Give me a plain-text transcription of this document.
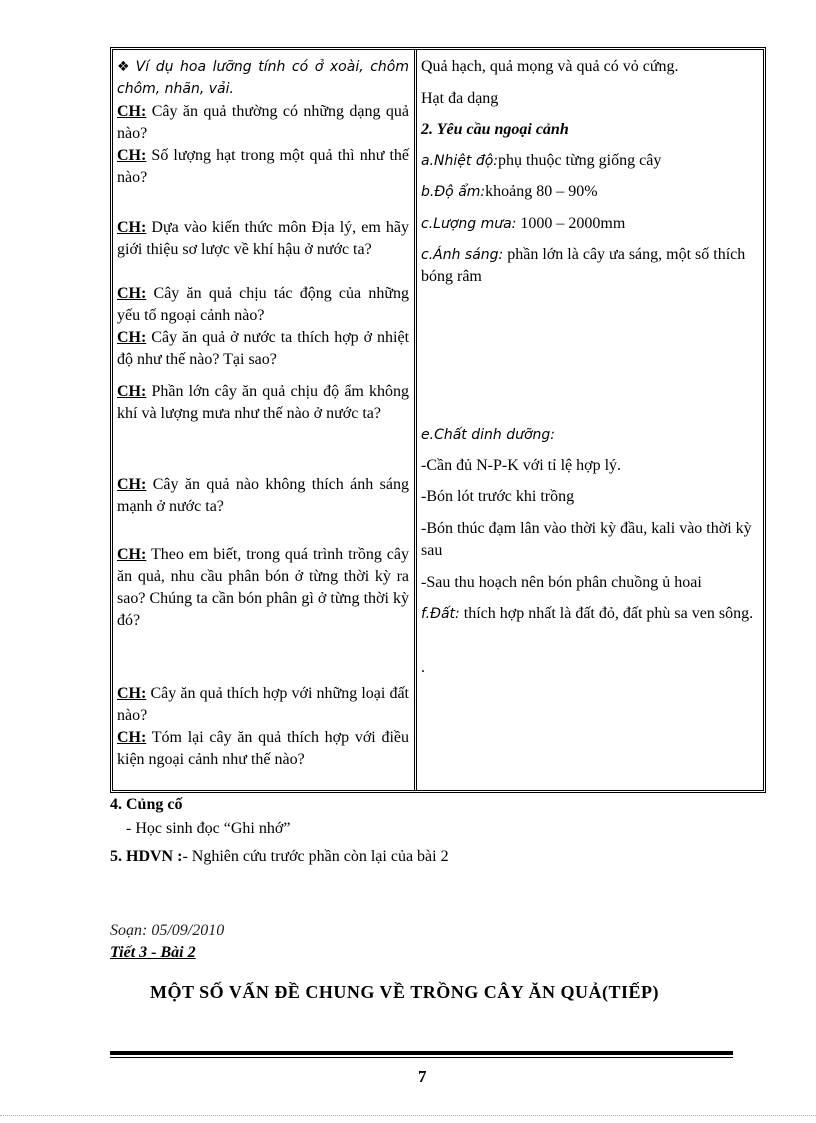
❖ Ví dụ hoa lưỡng tính có ở xoài, chôm chôm, nhãn, vải.

CH: Cây ăn quả thường có những dạng quả nào?

CH: Số lượng hạt trong một quả thì như thế nào?

CH: Dựa vào kiến thức môn Địa lý, em hãy giới thiệu sơ lược về khí hậu ở nước ta?

CH: Cây ăn quả chịu tác động của những yếu tố ngoại cảnh nào?

CH: Cây ăn quả ở nước ta thích hợp ở nhiệt độ như thế nào? Tại sao?

CH: Phần lớn cây ăn quả chịu độ ẩm không khí và lượng mưa như thế nào ở nước ta?

CH: Cây ăn quả nào không thích ánh sáng mạnh ở nước ta?

CH: Theo em biết, trong quá trình trồng cây ăn quả, nhu cầu phân bón ở từng thời kỳ ra sao? Chúng ta cần bón phân gì ở từng thời kỳ đó?

CH: Cây ăn quả thích hợp với những loại đất nào?

CH: Tóm lại cây ăn quả thích hợp với điều kiện ngoại cảnh như thế nào?

Quả hạch, quả mọng và quả có vỏ cứng.

Hạt đa dạng

2. Yêu cầu ngoại cảnh

a.Nhiệt độ:phụ thuộc từng giống cây

b.Độ ẩm:khoảng 80 – 90%

c.Lượng mưa: 1000 – 2000mm

c.Ánh sáng: phần lớn là cây ưa sáng, một số thích bóng râm

e.Chất dinh dưỡng:

-Cần đủ N-P-K với tỉ lệ hợp lý.

-Bón lót trước khi trồng

-Bón thúc đạm lân vào thời kỳ đầu, kali vào thời kỳ sau

-Sau thu hoạch nên bón phân chuồng ủ hoai

f.Đất: thích hợp nhất là đất đỏ, đất phù sa ven sông.

.

4. Củng cố
- Học sinh đọc “Ghi nhớ”
5. HDVN :- Nghiên cứu trước phần còn lại của bài 2
Soạn: 05/09/2010
Tiết 3 - Bài 2
MỘT SỐ VẤN ĐỀ CHUNG VỀ TRỒNG CÂY ĂN QUẢ(TIẾP)
7
